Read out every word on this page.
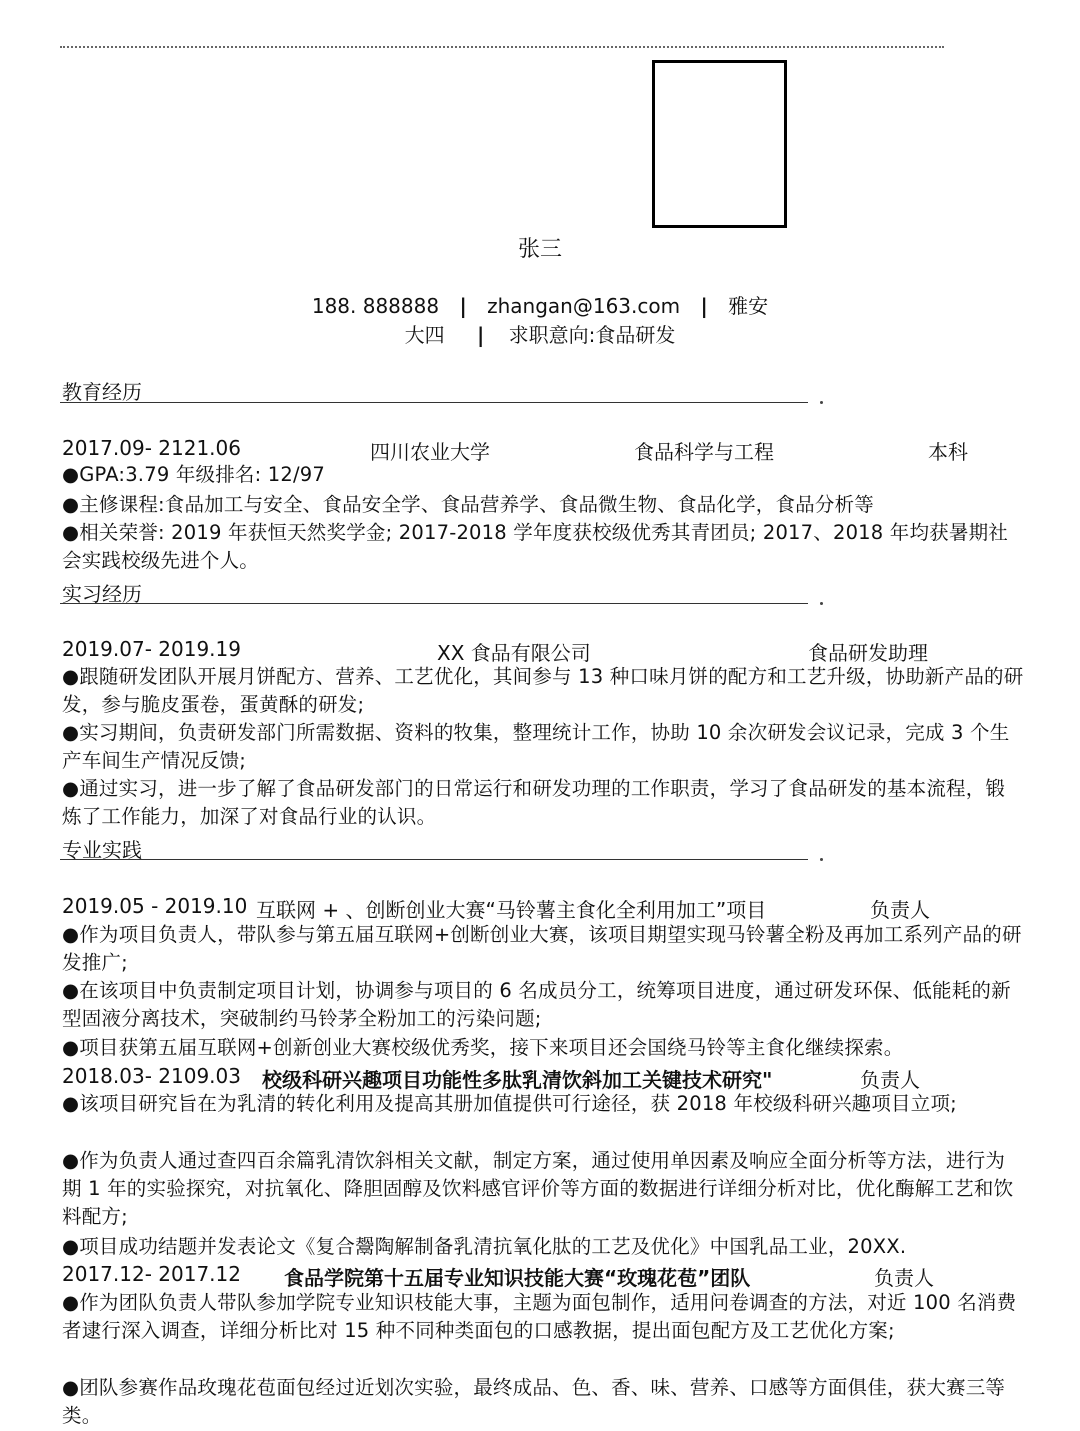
张三
188. 888888 | zhangan@163.com | 雅安
大四 | 求职意向:食品研发
教育经历
2017.09- 2121.06	四川农业大学	食品科学与工程	本科
●GPA:3.79 年级排名: 12/97
●主修课程:食品加工与安全、食品安全学、食品营养学、食品微生物、食品化学，食品分析等
●相关荣誉: 2019 年获恒天然奖学金; 2017-2018 学年度获校级优秀其青团员; 2017、2018 年均获暑期社会实践校级先进个人。
实习经历
2019.07- 2019.19	XX 食品有限公司	食品研发助理
●跟随研发团队开展月饼配方、营养、工艺优化，其间参与 13 种口味月饼的配方和工艺升级，协助新产品的研发，参与脆皮蛋卷，蛋黄酥的研发;
●实习期间，负责研发部门所需数据、资料的牧集，整理统计工作，协助 10 余次研发会议记录，完成 3 个生产车间生产情况反馈;
●通过实习，进一步了解了食品研发部门的日常运行和研发功理的工作职责，学习了食品研发的基本流程，锻炼了工作能力，加深了对食品行业的认识。
专业实践
2019.05 - 2019.10 互联网 + 、创断创业大赛“马铃薯主食化全利用加工”项目	负责人
●作为项目负责人，带队参与第五届互联网+创断创业大赛，该项目期望实现马铃薯全粉及再加工系列产品的研发推广;
●在该项目中负责制定项目计划，协调参与项目的 6 名成员分工，统筹项目进度，通过研发环保、低能耗的新型固液分离技术，突破制约马铃茅全粉加工的污染问题;
●项目获第五届互联网+创新创业大赛校级优秀奖，接下来项目还会国绕马铃等主食化继续探索。
2018.03- 2109.03 校级科研兴趣项目功能性多肽乳清饮斜加工关键技术研究"	负责人
●该项目研究旨在为乳清的转化利用及提高其册加值提供可行途径，获 2018 年校级科研兴趣项目立项;
●作为负责人通过查四百余篇乳清饮斜相关文献，制定方案，通过使用单因素及响应全面分析等方法，进行为期 1 年的实验探究，对抗氧化、降胆固醇及饮料感官评价等方面的数据进行详细分析对比，优化酶解工艺和饮料配方;
●项目成功结题并发表论文《复合鬶陶解制备乳清抗氧化肽的工艺及优化》中国乳品工业，20XX.
2017.12- 2017.12 食品学院第十五届专业知识技能大赛“玫瑰花苞”团队	负责人
●作为团队负责人带队参加学院专业知识枝能大事，主题为面包制作，适用问卷调查的方法，对近 100 名消费者逮行深入调查，详细分析比对 15 种不同种类面包的口感教据，提出面包配方及工艺优化方案;
●团队参赛作品玫瑰花苞面包经过近划次实验，最终成品、色、香、味、营养、口感等方面俱佳，获大赛三等类。
